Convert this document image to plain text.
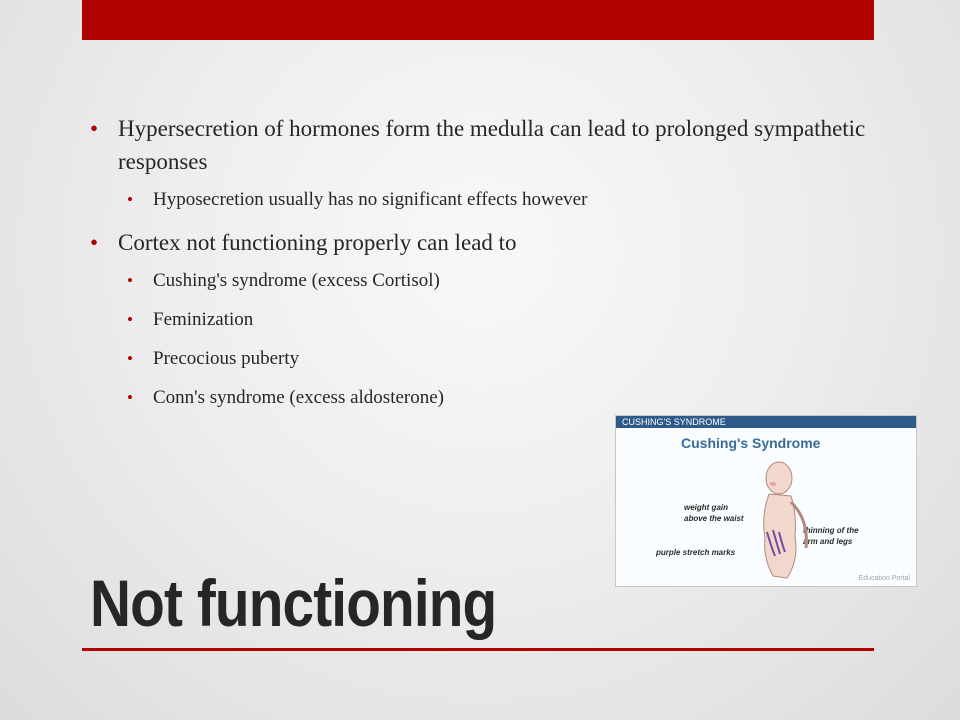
• Hypersecretion of hormones form the medulla can lead to prolonged sympathetic responses
• Hyposecretion usually has no significant effects however
• Cortex not functioning properly can lead to
• Cushing's syndrome (excess Cortisol)
• Feminization
• Precocious puberty
• Conn's syndrome (excess aldosterone)
CUSHING'S SYNDROME
Cushing's Syndrome
weight gain above the waist
thinning of the arm and legs
purple stretch marks
Education Portal
Not functioning
